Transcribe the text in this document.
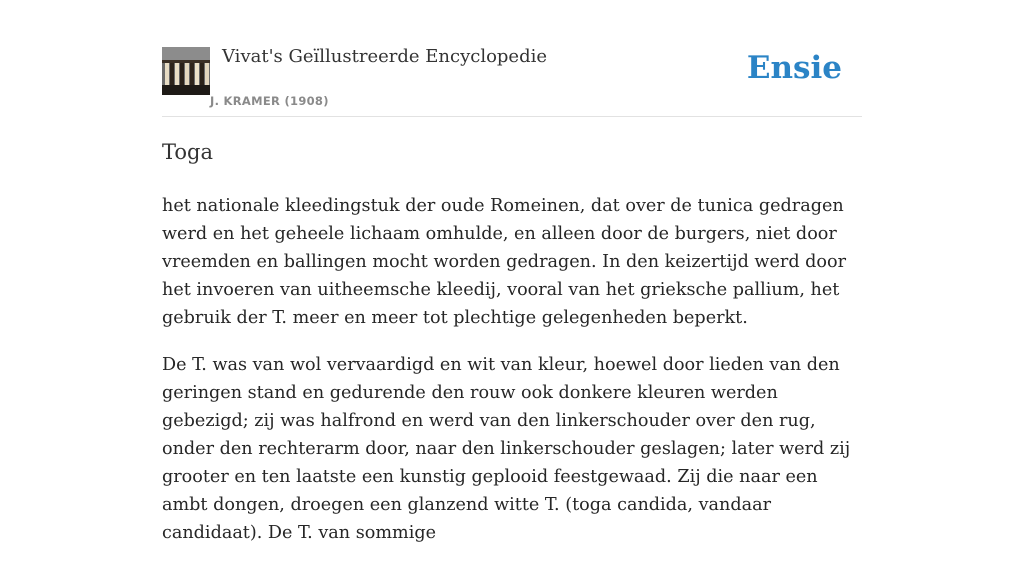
Vivat's Geïllustreerde Encyclopedie
J. KRAMER (1908)
Ensie
Toga

het nationale kleedingstuk der oude Romeinen, dat over de tunica gedragen werd en het geheele lichaam omhulde, en alleen door de burgers, niet door vreemden en ballingen mocht worden gedragen. In den keizertijd werd door het invoeren van uitheemsche kleedij, vooral van het grieksche pallium, het gebruik der T. meer en meer tot plechtige gelegenheden beperkt.

De T. was van wol vervaardigd en wit van kleur, hoewel door lieden van den geringen stand en gedurende den rouw ook donkere kleuren werden gebezigd; zij was halfrond en werd van den linkerschouder over den rug, onder den rechterarm door, naar den linkerschouder geslagen; later werd zij grooter en ten laatste een kunstig geplooid feestgewaad. Zij die naar een ambt dongen, droegen een glanzend witte T. (toga candida, vandaar candidaat). De T. van sommige
